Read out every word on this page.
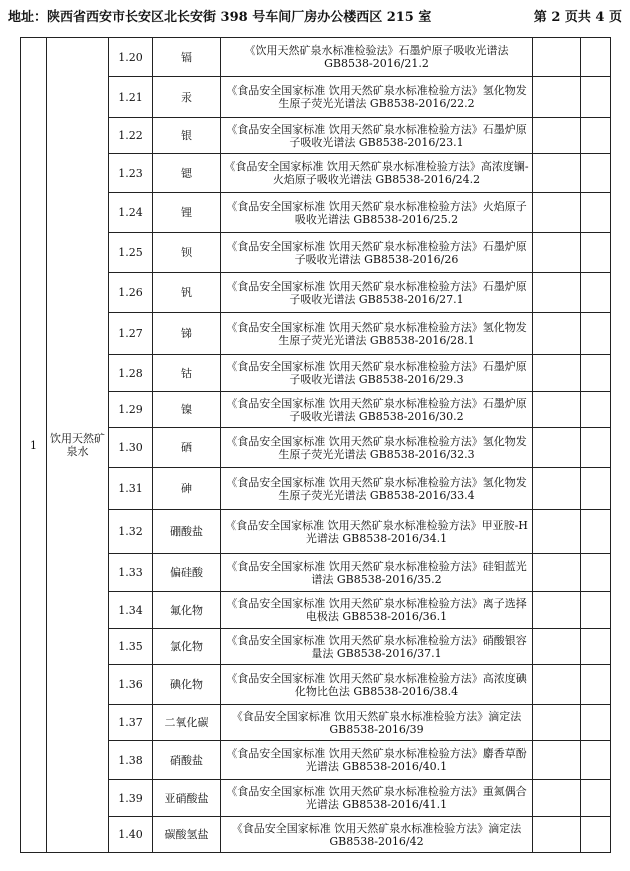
地址：陕西省西安市长安区北长安街 398 号车间厂房办公楼西区 215 室	第 2 页共 4 页
1	饮用天然矿泉水	1.20	镉	《饮用天然矿泉水标准检验法》石墨炉原子吸收光谱法 GB8538-2016/21.2		
		1.21	汞	《食品安全国家标准 饮用天然矿泉水标准检验方法》氢化物发生原子荧光光谱法 GB8538-2016/22.2		
		1.22	银	《食品安全国家标准 饮用天然矿泉水标准检验方法》石墨炉原子吸收光谱法 GB8538-2016/23.1		
		1.23	锶	《食品安全国家标准 饮用天然矿泉水标准检验方法》高浓度镧-火焰原子吸收光谱法 GB8538-2016/24.2		
		1.24	锂	《食品安全国家标准 饮用天然矿泉水标准检验方法》火焰原子吸收光谱法 GB8538-2016/25.2		
		1.25	钡	《食品安全国家标准 饮用天然矿泉水标准检验方法》石墨炉原子吸收光谱法 GB8538-2016/26		
		1.26	钒	《食品安全国家标准 饮用天然矿泉水标准检验方法》石墨炉原子吸收光谱法 GB8538-2016/27.1		
		1.27	锑	《食品安全国家标准 饮用天然矿泉水标准检验方法》氢化物发生原子荧光光谱法 GB8538-2016/28.1		
		1.28	钴	《食品安全国家标准 饮用天然矿泉水标准检验方法》石墨炉原子吸收光谱法 GB8538-2016/29.3		
		1.29	镍	《食品安全国家标准 饮用天然矿泉水标准检验方法》石墨炉原子吸收光谱法 GB8538-2016/30.2		
		1.30	硒	《食品安全国家标准 饮用天然矿泉水标准检验方法》氢化物发生原子荧光光谱法 GB8538-2016/32.3		
		1.31	砷	《食品安全国家标准 饮用天然矿泉水标准检验方法》氢化物发生原子荧光光谱法 GB8538-2016/33.4		
		1.32	硼酸盐	《食品安全国家标准 饮用天然矿泉水标准检验方法》甲亚胺-H 光谱法 GB8538-2016/34.1		
		1.33	偏硅酸	《食品安全国家标准 饮用天然矿泉水标准检验方法》硅钼蓝光谱法 GB8538-2016/35.2		
		1.34	氟化物	《食品安全国家标准 饮用天然矿泉水标准检验方法》离子选择电极法 GB8538-2016/36.1		
		1.35	氯化物	《食品安全国家标准 饮用天然矿泉水标准检验方法》硝酸银容量法 GB8538-2016/37.1		
		1.36	碘化物	《食品安全国家标准 饮用天然矿泉水标准检验方法》高浓度碘化物比色法 GB8538-2016/38.4		
		1.37	二氧化碳	《食品安全国家标准 饮用天然矿泉水标准检验方法》滴定法 GB8538-2016/39		
		1.38	硝酸盐	《食品安全国家标准 饮用天然矿泉水标准检验方法》麝香草酚光谱法 GB8538-2016/40.1		
		1.39	亚硝酸盐	《食品安全国家标准 饮用天然矿泉水标准检验方法》重氮偶合光谱法 GB8538-2016/41.1		
		1.40	碳酸氢盐	《食品安全国家标准 饮用天然矿泉水标准检验方法》滴定法 GB8538-2016/42		
